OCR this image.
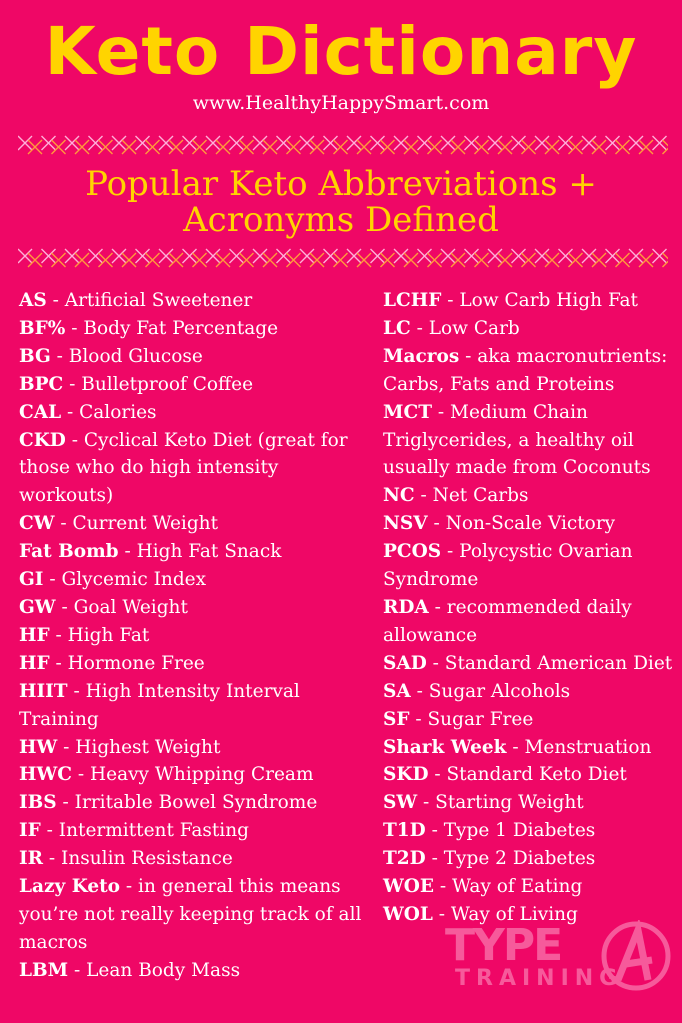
Keto Dictionary
www.HealthyHappySmart.com
Popular Keto Abbreviations +
Acronyms Defined
AS - Artificial Sweetener
BF% - Body Fat Percentage
BG - Blood Glucose
BPC - Bulletproof Coffee
CAL - Calories
CKD - Cyclical Keto Diet (great for those who do high intensity workouts)
CW - Current Weight
Fat Bomb - High Fat Snack
GI - Glycemic Index
GW - Goal Weight
HF - High Fat
HF - Hormone Free
HIIT - High Intensity Interval Training
HW - Highest Weight
HWC - Heavy Whipping Cream
IBS - Irritable Bowel Syndrome
IF - Intermittent Fasting
IR - Insulin Resistance
Lazy Keto - in general this means you’re not really keeping track of all macros
LBM - Lean Body Mass
LCHF - Low Carb High Fat
LC - Low Carb
Macros - aka macronutrients: Carbs, Fats and Proteins
MCT - Medium Chain Triglycerides, a healthy oil usually made from Coconuts
NC - Net Carbs
NSV - Non-Scale Victory
PCOS - Polycystic Ovarian Syndrome
RDA - recommended daily allowance
SAD - Standard American Diet
SA - Sugar Alcohols
SF - Sugar Free
Shark Week - Menstruation
SKD - Standard Keto Diet
SW - Starting Weight
T1D - Type 1 Diabetes
T2D - Type 2 Diabetes
WOE - Way of Eating
WOL - Way of Living
TYPE
TRAINING
